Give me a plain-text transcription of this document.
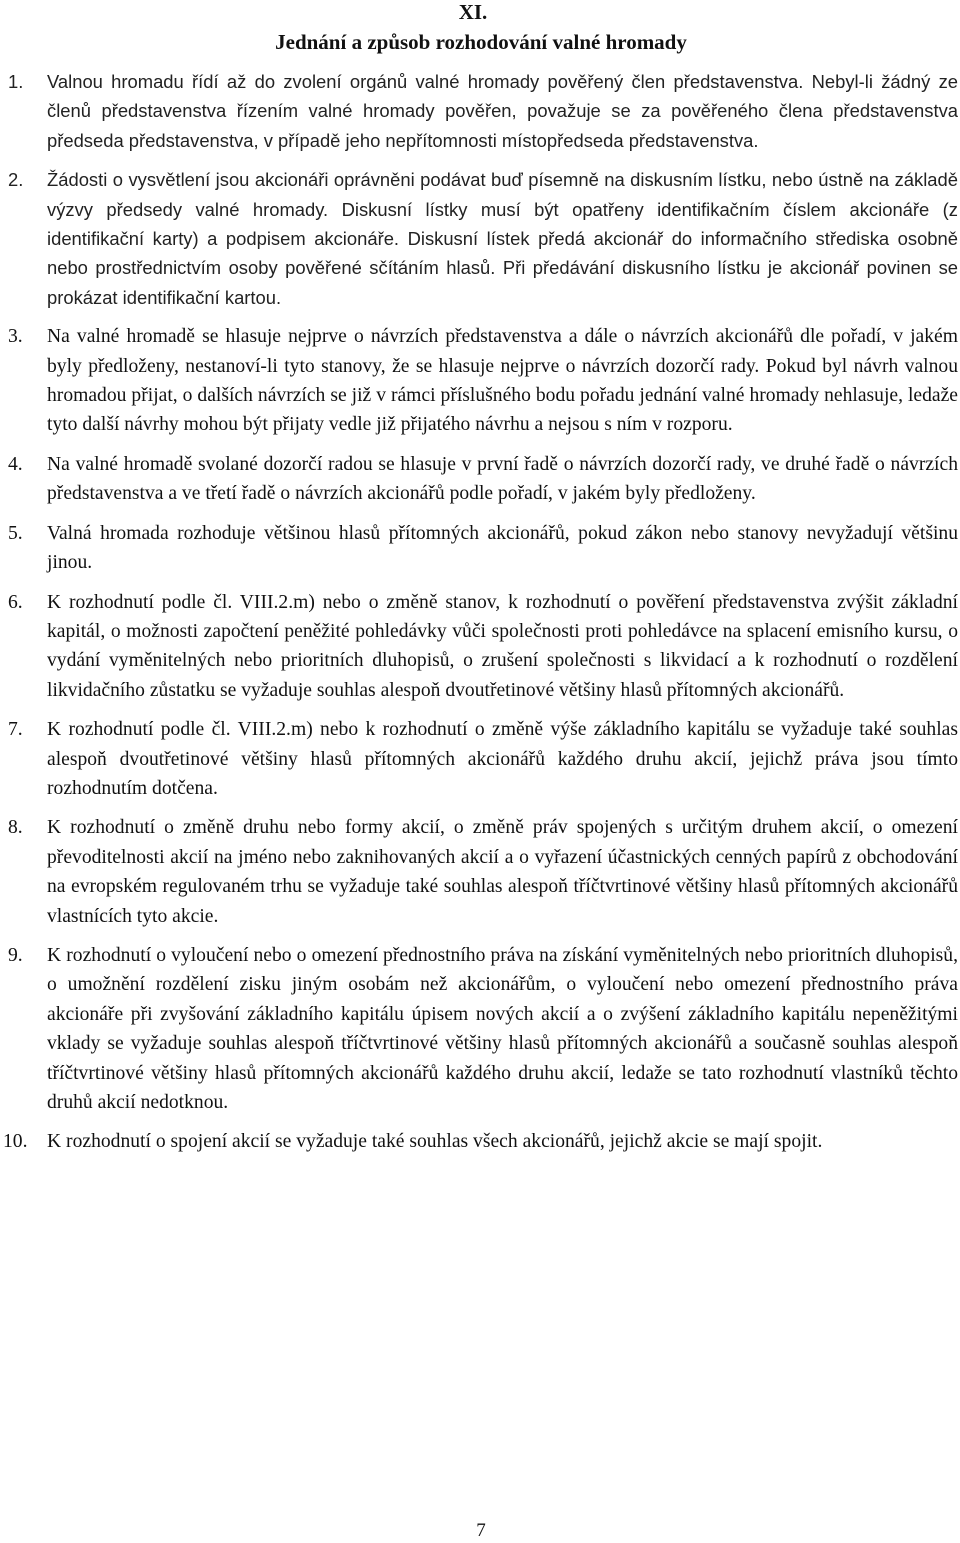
XI.
Jednání a způsob rozhodování valné hromady
1. Valnou hromadu řídí až do zvolení orgánů valné hromady pověřený člen představenstva. Nebyl-li žádný ze členů představenstva řízením valné hromady pověřen, považuje se za pověřeného člena představenstva předseda představenstva, v případě jeho nepřítomnosti místopředseda představenstva.
2. Žádosti o vysvětlení jsou akcionáři oprávněni podávat buď písemně na diskusním lístku, nebo ústně na základě výzvy předsedy valné hromady. Diskusní lístky musí být opatřeny identifikačním číslem akcionáře (z identifikační karty) a podpisem akcionáře. Diskusní lístek předá akcionář do informačního střediska osobně nebo prostřednictvím osoby pověřené sčítáním hlasů. Při předávání diskusního lístku je akcionář povinen se prokázat identifikační kartou.
3. Na valné hromadě se hlasuje nejprve o návrzích představenstva a dále o návrzích akcionářů dle pořadí, v jakém byly předloženy, nestanoví-li tyto stanovy, že se hlasuje nejprve o návrzích dozorčí rady. Pokud byl návrh valnou hromadou přijat, o dalších návrzích se již v rámci příslušného bodu pořadu jednání valné hromady nehlasuje, ledaže tyto další návrhy mohou být přijaty vedle již přijatého návrhu a nejsou s ním v rozporu.
4. Na valné hromadě svolané dozorčí radou se hlasuje v první řadě o návrzích dozorčí rady, ve druhé řadě o návrzích představenstva a ve třetí řadě o návrzích akcionářů podle pořadí, v jakém byly předloženy.
5. Valná hromada rozhoduje většinou hlasů přítomných akcionářů, pokud zákon nebo stanovy nevyžadují většinu jinou.
6. K rozhodnutí podle čl. VIII.2.m) nebo o změně stanov, k rozhodnutí o pověření představenstva zvýšit základní kapitál, o možnosti započtení peněžité pohledávky vůči společnosti proti pohledávce na splacení emisního kursu, o vydání vyměnitelných nebo prioritních dluhopisů, o zrušení společnosti s likvidací a k rozhodnutí o rozdělení likvidačního zůstatku se vyžaduje souhlas alespoň dvoutřetinové většiny hlasů přítomných akcionářů.
7. K rozhodnutí podle čl. VIII.2.m) nebo k rozhodnutí o změně výše základního kapitálu se vyžaduje také souhlas alespoň dvoutřetinové většiny hlasů přítomných akcionářů každého druhu akcií, jejichž práva jsou tímto rozhodnutím dotčena.
8. K rozhodnutí o změně druhu nebo formy akcií, o změně práv spojených s určitým druhem akcií, o omezení převoditelnosti akcií na jméno nebo zaknihovaných akcií a o vyřazení účastnických cenných papírů z obchodování na evropském regulovaném trhu se vyžaduje také souhlas alespoň tříčtvrtinové většiny hlasů přítomných akcionářů vlastnících tyto akcie.
9. K rozhodnutí o vyloučení nebo o omezení přednostního práva na získání vyměnitelných nebo prioritních dluhopisů, o umožnění rozdělení zisku jiným osobám než akcionářům, o vyloučení nebo omezení přednostního práva akcionáře při zvyšování základního kapitálu úpisem nových akcií a o zvýšení základního kapitálu nepeněžitými vklady se vyžaduje souhlas alespoň tříčtvrtinové většiny hlasů přítomných akcionářů a současně souhlas alespoň tříčtvrtinové většiny hlasů přítomných akcionářů každého druhu akcií, ledaže se tato rozhodnutí vlastníků těchto druhů akcií nedotknou.
10. K rozhodnutí o spojení akcií se vyžaduje také souhlas všech akcionářů, jejichž akcie se mají spojit.
7
